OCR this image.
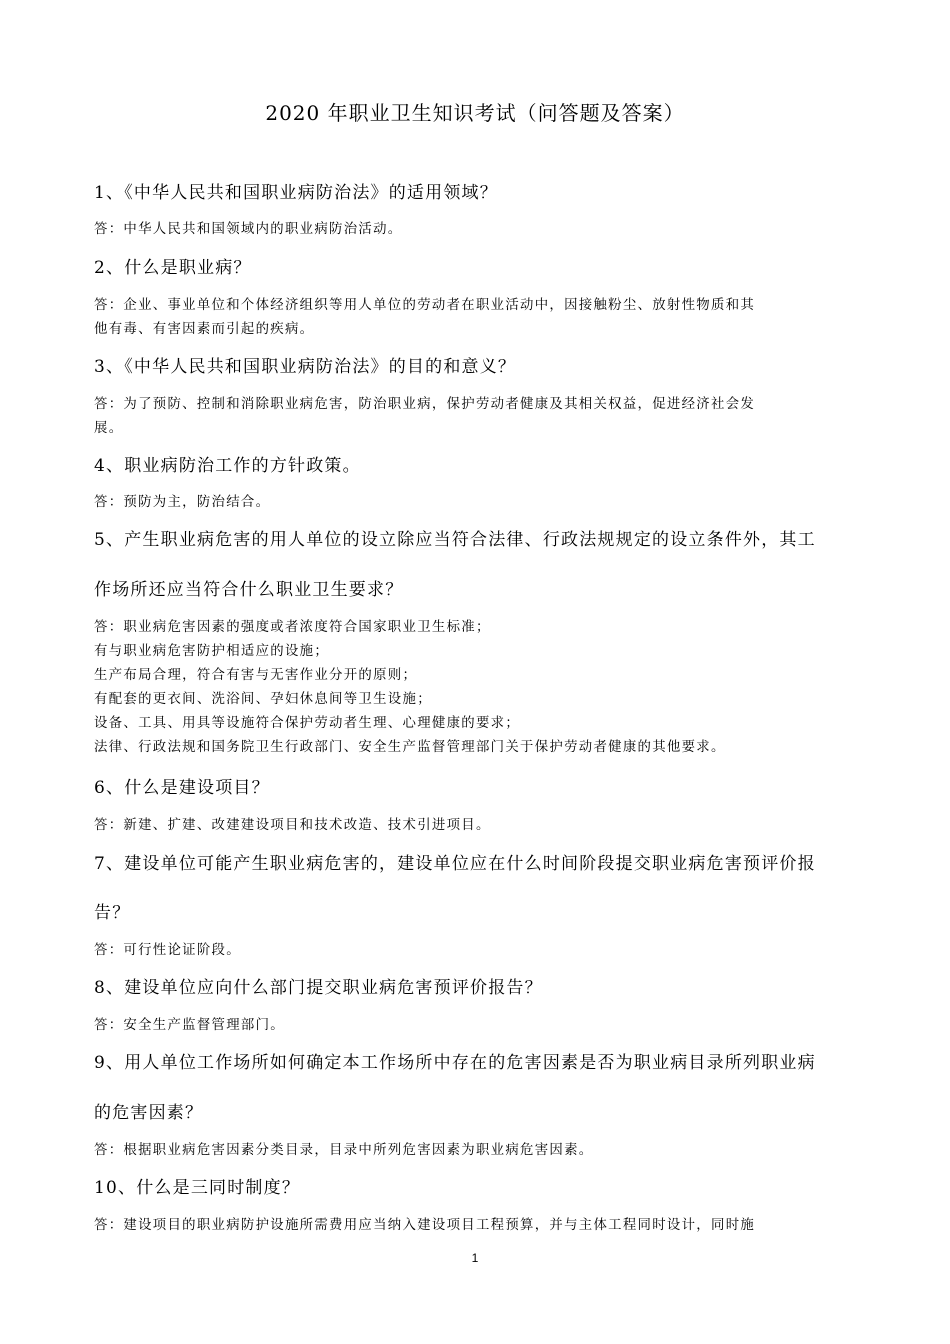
2020 年职业卫生知识考试（问答题及答案）
1、《中华人民共和国职业病防治法》的适用领域？
答：中华人民共和国领域内的职业病防治活动。
2、什么是职业病？
答：企业、事业单位和个体经济组织等用人单位的劳动者在职业活动中，因接触粉尘、放射性物质和其
他有毒、有害因素而引起的疾病。
3、《中华人民共和国职业病防治法》的目的和意义？
答：为了预防、控制和消除职业病危害，防治职业病，保护劳动者健康及其相关权益，促进经济社会发
展。
4、职业病防治工作的方针政策。
答：预防为主，防治结合。
5、产生职业病危害的用人单位的设立除应当符合法律、行政法规规定的设立条件外，其工
作场所还应当符合什么职业卫生要求？
答：职业病危害因素的强度或者浓度符合国家职业卫生标准；
有与职业病危害防护相适应的设施；
生产布局合理，符合有害与无害作业分开的原则；
有配套的更衣间、洗浴间、孕妇休息间等卫生设施；
设备、工具、用具等设施符合保护劳动者生理、心理健康的要求；
法律、行政法规和国务院卫生行政部门、安全生产监督管理部门关于保护劳动者健康的其他要求。
6、什么是建设项目？
答：新建、扩建、改建建设项目和技术改造、技术引进项目。
7、建设单位可能产生职业病危害的，建设单位应在什么时间阶段提交职业病危害预评价报
告？
答：可行性论证阶段。
8、建设单位应向什么部门提交职业病危害预评价报告？
答：安全生产监督管理部门。
9、用人单位工作场所如何确定本工作场所中存在的危害因素是否为职业病目录所列职业病
的危害因素？
答：根据职业病危害因素分类目录，目录中所列危害因素为职业病危害因素。
10、什么是三同时制度？
答：建设项目的职业病防护设施所需费用应当纳入建设项目工程预算，并与主体工程同时设计，同时施
1
